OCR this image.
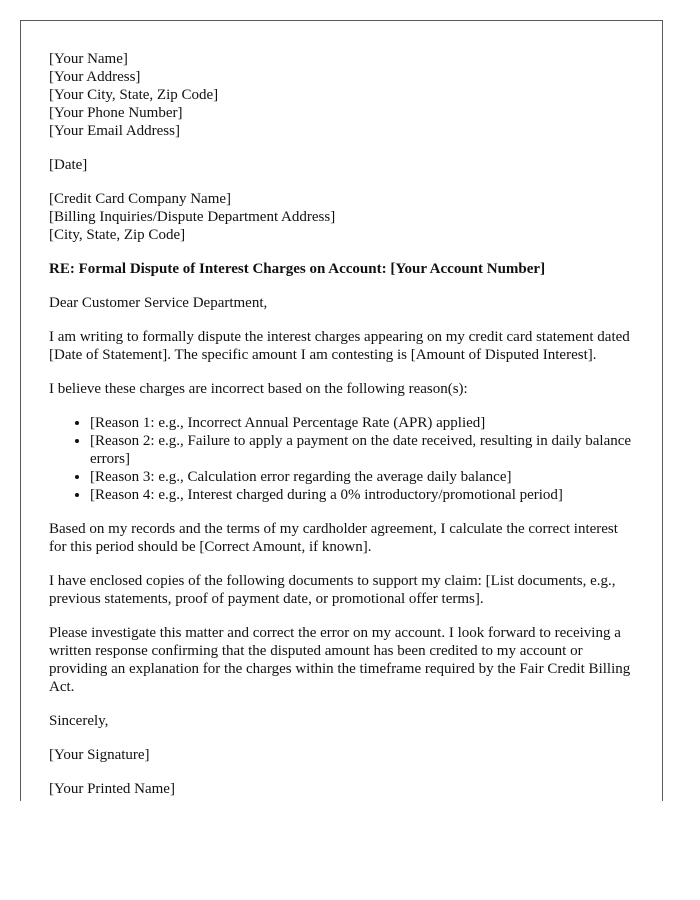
[Your Name]
[Your Address]
[Your City, State, Zip Code]
[Your Phone Number]
[Your Email Address]
[Date]
[Credit Card Company Name]
[Billing Inquiries/Dispute Department Address]
[City, State, Zip Code]
RE: Formal Dispute of Interest Charges on Account: [Your Account Number]

Dear Customer Service Department,

I am writing to formally dispute the interest charges appearing on my credit card statement dated [Date of Statement]. The specific amount I am contesting is [Amount of Disputed Interest].

I believe these charges are incorrect based on the following reason(s):

• [Reason 1: e.g., Incorrect Annual Percentage Rate (APR) applied]
• [Reason 2: e.g., Failure to apply a payment on the date received, resulting in daily balance errors]
• [Reason 3: e.g., Calculation error regarding the average daily balance]
• [Reason 4: e.g., Interest charged during a 0% introductory/promotional period]

Based on my records and the terms of my cardholder agreement, I calculate the correct interest for this period should be [Correct Amount, if known].

I have enclosed copies of the following documents to support my claim: [List documents, e.g., previous statements, proof of payment date, or promotional offer terms].

Please investigate this matter and correct the error on my account. I look forward to receiving a written response confirming that the disputed amount has been credited to my account or providing an explanation for the charges within the timeframe required by the Fair Credit Billing Act.

Sincerely,

[Your Signature]

[Your Printed Name]
